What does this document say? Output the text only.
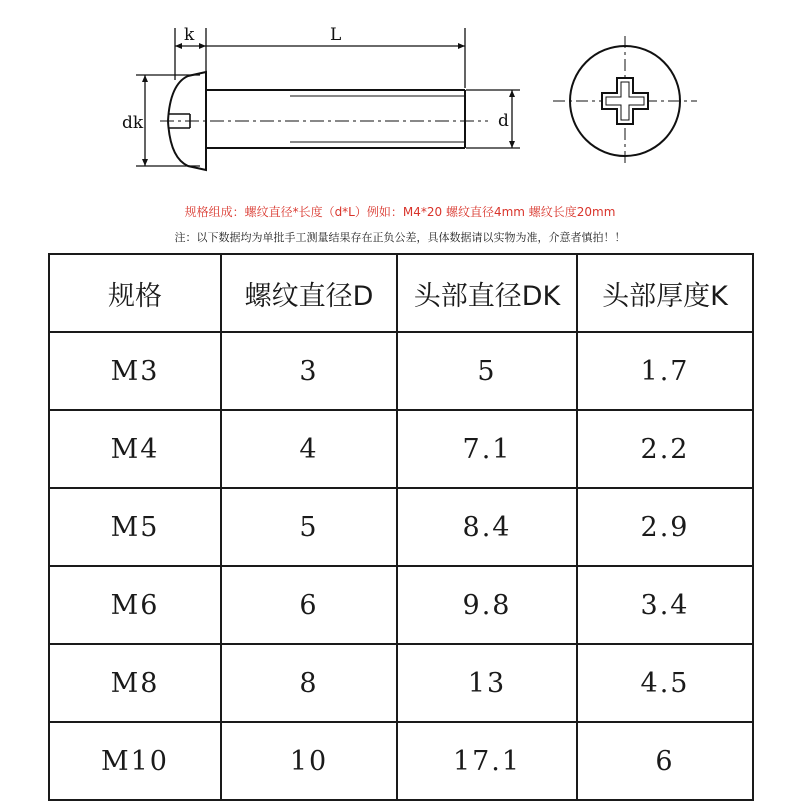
k	L
dk	d
规格组成：螺纹直径*长度（d*L）例如：M4*20 螺纹直径4mm 螺纹长度20mm
注：以下数据均为单批手工测量结果存在正负公差，具体数据请以实物为准，介意者慎拍！！
规格	螺纹直径D	头部直径DK	头部厚度K
M3	3	5	1.7
M4	4	7.1	2.2
M5	5	8.4	2.9
M6	6	9.8	3.4
M8	8	13	4.5
M10	10	17.1	6
